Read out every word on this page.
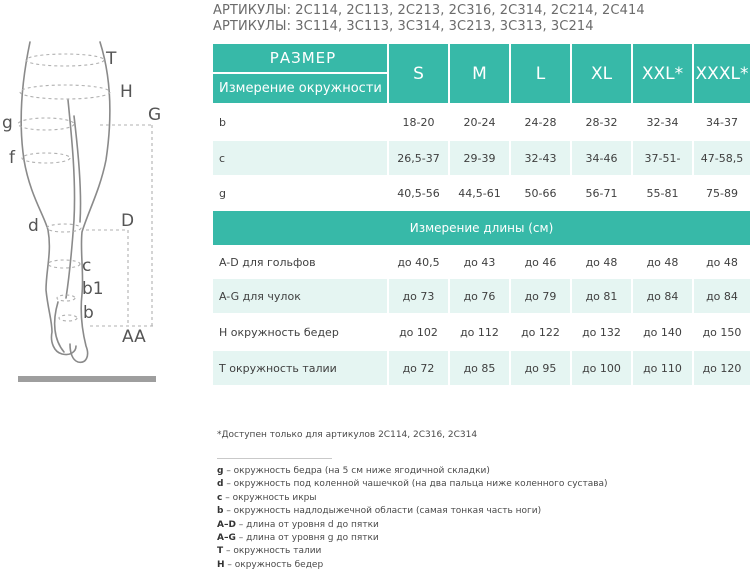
АРТИКУЛЫ: 2С114, 2С113, 2С213, 2С316, 2С314, 2С214, 2С414
АРТИКУЛЫ: 3С114, 3С113, 3С314, 3С213, 3С313, 3С214
T
H
G
g
f
d	D
c
b1
b
AA
РАЗМЕР	S	M	L	XL	XXL*	XXXL*
Измерение окружности						
b	18-20	20-24	24-28	28-32	32-34	34-37
c	26,5-37	29-39	32-43	34-46	37-51-	47-58,5
g	40,5-56	44,5-61	50-66	56-71	55-81	75-89
Измерение длины (см)						
A-D для гольфов	до 40,5	до 43	до 46	до 48	до 48	до 48
A-G для чулок	до 73	до 76	до 79	до 81	до 84	до 84
H окружность бедер	до 102	до 112	до 122	до 132	до 140	до 150
T окружность талии	до 72	до 85	до 95	до 100	до 110	до 120
*Доступен только для артикулов 2С114, 2С316, 2С314
g – окружность бедра (на 5 см ниже ягодичной складки)
d – окружность под коленной чашечкой (на два пальца ниже коленного сустава)
c – окружность икры
b – окружность надлодыжечной области (самая тонкая часть ноги)
A–D – длина от уровня d до пятки
A–G – длина от уровня g до пятки
T – окружность талии
H – окружность бедер
